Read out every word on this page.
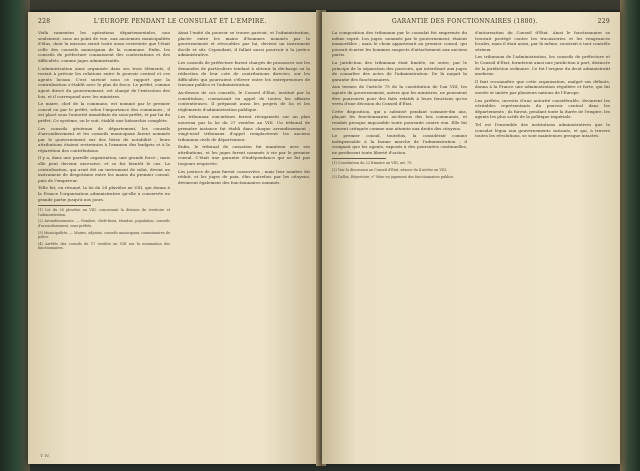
228	L'EUROPE PENDANT LE CONSULAT ET L'EMPIRE.

Voilà ramenées les opérations départementales, non seulement, sous un point de vue, aux anciennes municipalités d'élus, dont la mission serait toute aussi restreinte que l'était celle des conseils municipaux de la commune. Enfin, les conseils de préfecture connaissent des contestations et des difficultés, comme juges administratifs.

L'administration ainsi organisée dans ses trois éléments, il restait à prévoir les relations entre le pouvoir central et ces agents locaux. C'est surtout sous ce rapport que la centralisation s'établit avec le plus de force. Le préfet, comme agent direct du gouvernement, est chargé de l'exécution des lois, et il correspond avec les ministres.

Le maire, chef de la commune, est nommé par le premier consul ou par le préfet, selon l'importance des communes ; il est placé sous l'autorité immédiate du sous-préfet, et par lui du préfet. Ce système, on le voit, établit une hiérarchie complète.

Les conseils généraux de département, les conseils d'arrondissement et les conseils municipaux furent nommés par le gouvernement sur des listes de notabilité ; leurs attributions étaient restreintes à l'examen des budgets et à la répartition des contributions.

Il y a, dans une pareille organisation, une grande force ; mais elle peut devenir excessive, et ce fut bientôt le cas. La centralisation, qui avait été un instrument de salut, devint un instrument de despotisme entre les mains du premier consul, puis de l'empereur.

Telle fut, en résumé, la loi du 28 pluviôse an VIII, qui donna à la France l'organisation administrative qu'elle a conservée en grande partie jusqu'à nos jours.

(1) Loi du 28 pluviôse an VIII, concernant la division du territoire et l'administration.

(2) Arrondissements. — Nombre, chefs-lieux, étendue, population, conseils d'arrondissement, sous-préfets.

(3) Municipalités. — Maires, adjoints, conseils municipaux, commissaires de police.

(4) Arrêtés des consuls du 17 ventôse an VIII sur la nomination des fonctionnaires.

Ainsi l'unité du pouvoir se trouve partout, et l'administration, placée entre les mains d'hommes nommés par le gouvernement et révocables par lui, devient un instrument docile et sûr. Cependant, il fallait aussi pourvoir à la justice administrative.

Les conseils de préfecture furent chargés de prononcer sur les demandes de particuliers tendant à obtenir la décharge ou la réduction de leur cote de contributions directes, sur les difficultés qui pourraient s'élever entre les entrepreneurs de travaux publics et l'administration.

Au-dessus de ces conseils, le Conseil d'État, institué par la constitution, connaissait en appel de toutes les affaires contentieuses. Il préparait aussi les projets de loi et les règlements d'administration publique.

Les tribunaux eux-mêmes furent réorganisés sur un plan nouveau par la loi du 27 ventôse an VIII. Un tribunal de première instance fut établi dans chaque arrondissement ; vingt-neuf tribunaux d'appel remplacèrent les anciens tribunaux civils de département.

Enfin, le tribunal de cassation fut maintenu avec ses attributions, et les juges furent nommés à vie par le premier consul. C'était une garantie d'indépendance qui ne fut pas toujours respectée.

Les justices de paix furent conservées ; mais leur nombre fut réduit, et les juges de paix, élus autrefois par les citoyens, devinrent également des fonctionnaires nommés.

T. IV.
GARANTIE DES FONCTIONNAIRES (1800).	229

La composition des tribunaux par le consulat fut empreinte du même esprit. Les juges, nommés par le gouvernement, étaient inamovibles ; mais le choix appartenait au premier consul, qui pouvait écarter les hommes suspects d'attachement aux anciens partis.

La juridiction des tribunaux était limitée, en outre, par le principe de la séparation des pouvoirs, qui interdisait aux juges de connaître des actes de l'administration. De là naquit la garantie des fonctionnaires.

Aux termes de l'article 75 de la constitution de l'an VIII, les agents du gouvernement, autres que les ministres, ne pouvaient être poursuivis pour des faits relatifs à leurs fonctions qu'en vertu d'une décision du Conseil d'État.

Cette disposition, qui a subsisté pendant soixante-dix ans, plaçait les fonctionnaires au-dessus des lois communes, et rendait presque impossible toute poursuite contre eux. Elle fut souvent critiquée comme une atteinte aux droits des citoyens.

Le premier consul, toutefois, la considérait comme indispensable à la bonne marche de l'administration ; il craignait que les agents, exposés à des poursuites continuelles, ne perdissent toute liberté d'action.

(1) Constitution du 22 frimaire an VIII, art. 75.

(2) Voir la discussion au Conseil d'État, séance du 4 nivôse an VIII.

(3) Dalloz, Répertoire, v° Mise en jugement des fonctionnaires publics.

d'autorisation du Conseil d'État. Ainsi le fonctionnaire se trouvait protégé contre les tracasseries et les vengeances locales, mais il était aussi, par là même, soustrait à tout contrôle sérieux.

Les tribunaux de l'administration, les conseils de préfecture et le Conseil d'État, formèrent ainsi une juridiction à part, distincte de la juridiction ordinaire. Ce fut l'origine du droit administratif moderne.

Il faut reconnaître que cette organisation, malgré ses défauts, donna à la France une administration régulière et forte, qui fut enviée et imitée par plusieurs nations de l'Europe.

Les préfets, investis d'une autorité considérable, devinrent les véritables représentants du pouvoir central dans les départements ; ils furent, pendant toute la durée de l'empire, les agents les plus actifs de la politique impériale.

Tel est l'ensemble des institutions administratives que le consulat légua aux gouvernements suivants, et qui, à travers toutes les révolutions, se sont maintenues presque intactes.
